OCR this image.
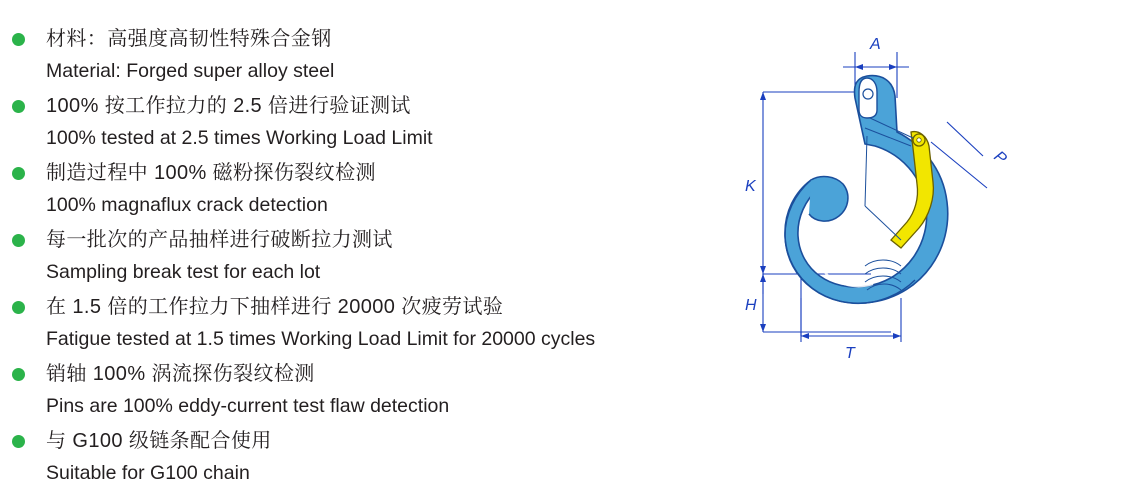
材料：高强度高韧性特殊合金钢

Material: Forged super alloy steel

100% 按工作拉力的 2.5 倍进行验证测试

100% tested at 2.5 times Working Load Limit

制造过程中 100% 磁粉探伤裂纹检测

100% magnaflux crack detection

每一批次的产品抽样进行破断拉力测试

Sampling break test for each lot

在 1.5 倍的工作拉力下抽样进行 20000 次疲劳试验

Fatigue tested at 1.5 times Working Load Limit for 20000 cycles

销轴 100% 涡流探伤裂纹检测

Pins are 100% eddy-current test flaw detection

与 G100 级链条配合使用

Suitable for G100 chain

A
P
K
H
T
